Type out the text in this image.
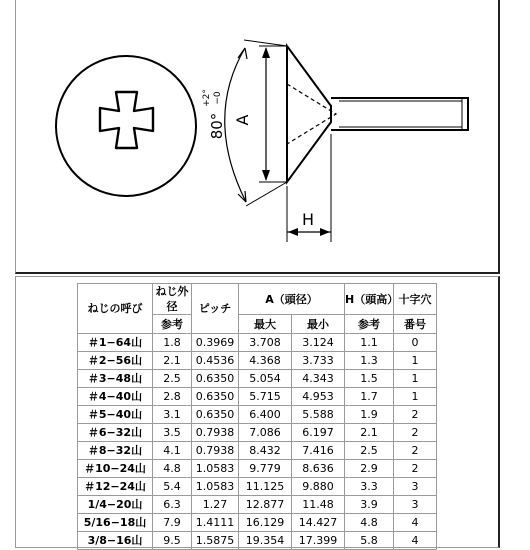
A
80°
+2° −0
H
ねじの呼び	ねじ外径	ピッチ	A（頭径）		H（頭高）	十字穴
	参考		最大	最小	参考	番号
＃1−64山	1.8	0.3969	3.708	3.124	1.1	0
＃2−56山	2.1	0.4536	4.368	3.733	1.3	1
＃3−48山	2.5	0.6350	5.054	4.343	1.5	1
＃4−40山	2.8	0.6350	5.715	4.953	1.7	1
＃5−40山	3.1	0.6350	6.400	5.588	1.9	2
＃6−32山	3.5	0.7938	7.086	6.197	2.1	2
＃8−32山	4.1	0.7938	8.432	7.416	2.5	2
＃10−24山	4.8	1.0583	9.779	8.636	2.9	2
＃12−24山	5.4	1.0583	11.125	9.880	3.3	3
1/4−20山	6.3	1.27	12.877	11.48	3.9	3
5/16−18山	7.9	1.4111	16.129	14.427	4.8	4
3/8−16山	9.5	1.5875	19.354	17.399	5.8	4
